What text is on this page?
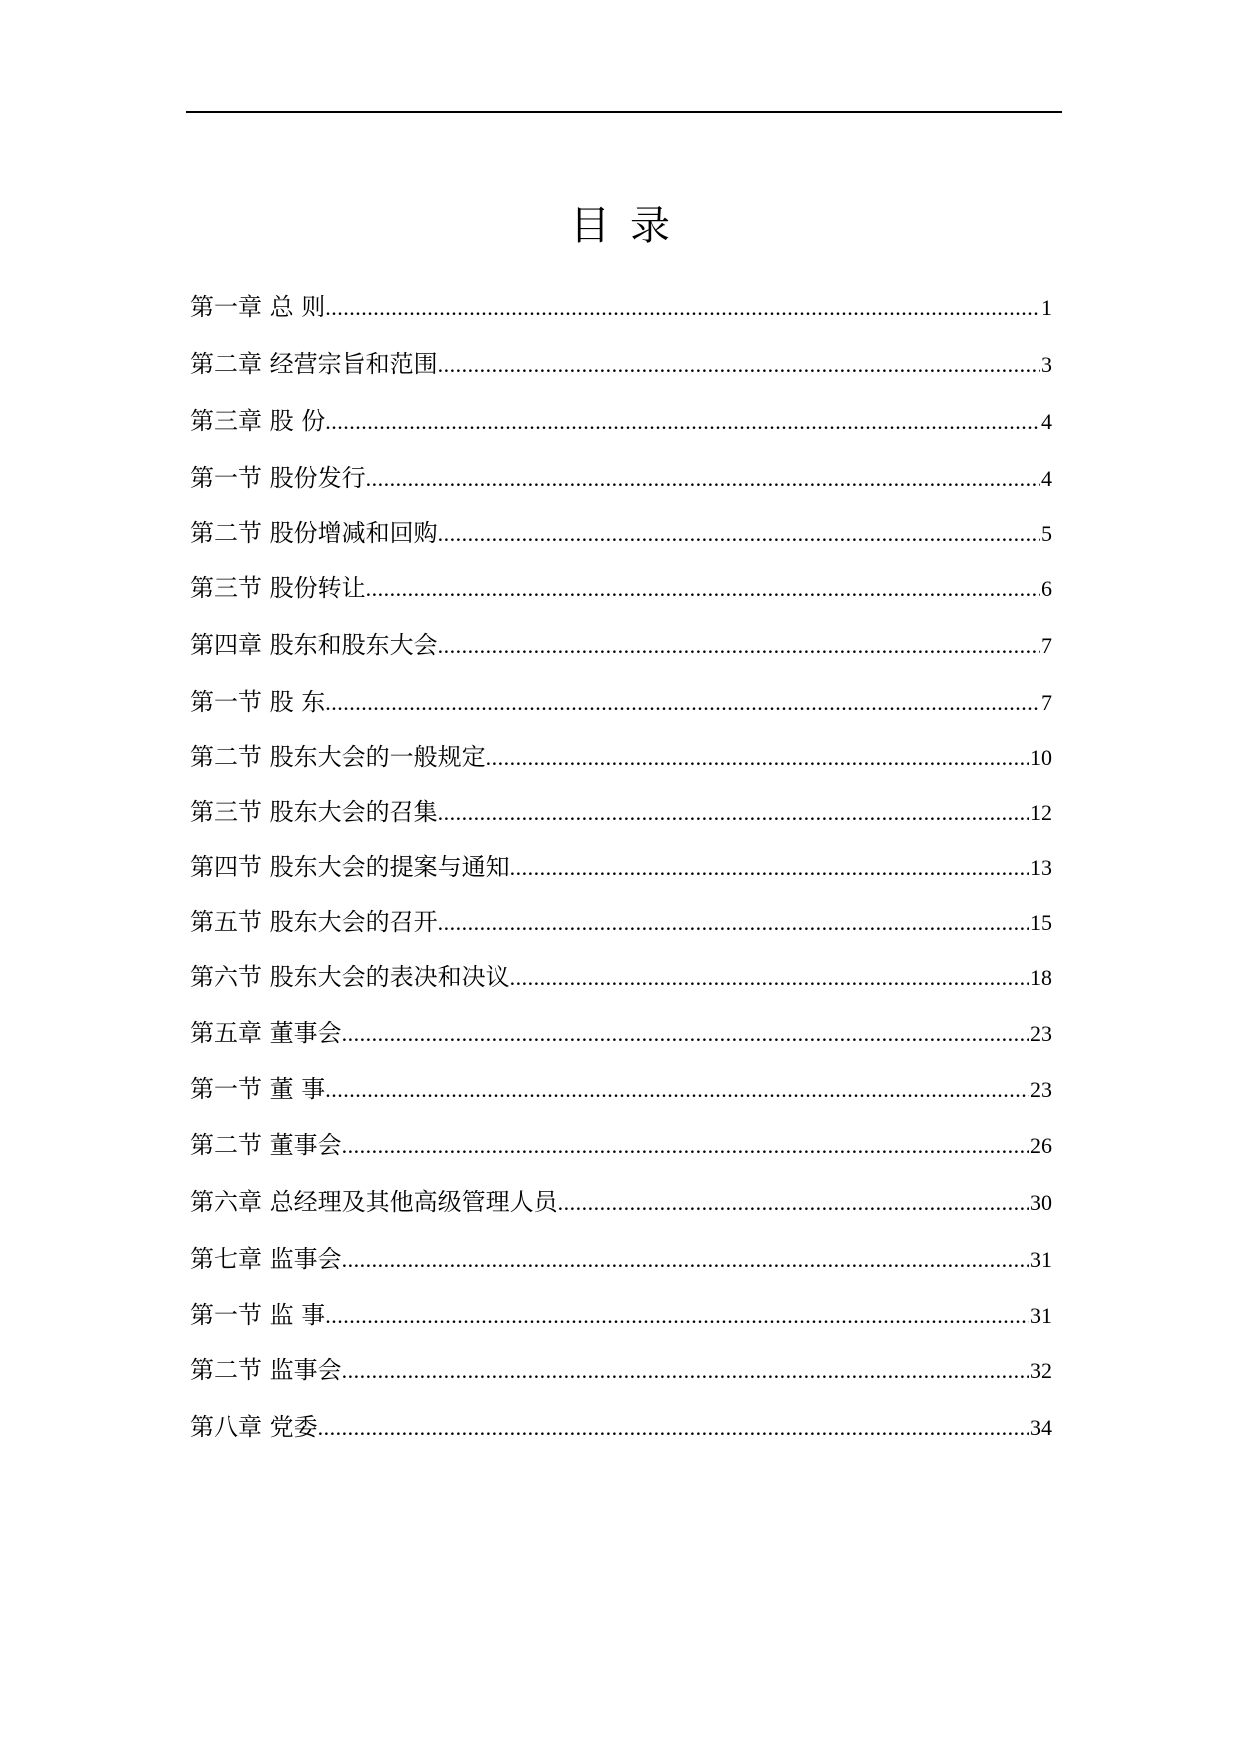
目 录
第一章 总 则 .....	1
第二章 经营宗旨和范围 .....	3
第三章 股 份 .....	4
第一节 股份发行 .....	4
第二节 股份增减和回购 .....	5
第三节 股份转让 .....	6
第四章 股东和股东大会 .....	7
第一节 股 东 .....	7
第二节 股东大会的一般规定 .....	10
第三节 股东大会的召集 .....	12
第四节 股东大会的提案与通知 .....	13
第五节 股东大会的召开 .....	15
第六节 股东大会的表决和决议 .....	18
第五章 董事会 .....	23
第一节 董 事 .....	23
第二节 董事会 .....	26
第六章 总经理及其他高级管理人员 .....	30
第七章 监事会 .....	31
第一节 监 事 .....	31
第二节 监事会 .....	32
第八章 党委 .....	34
